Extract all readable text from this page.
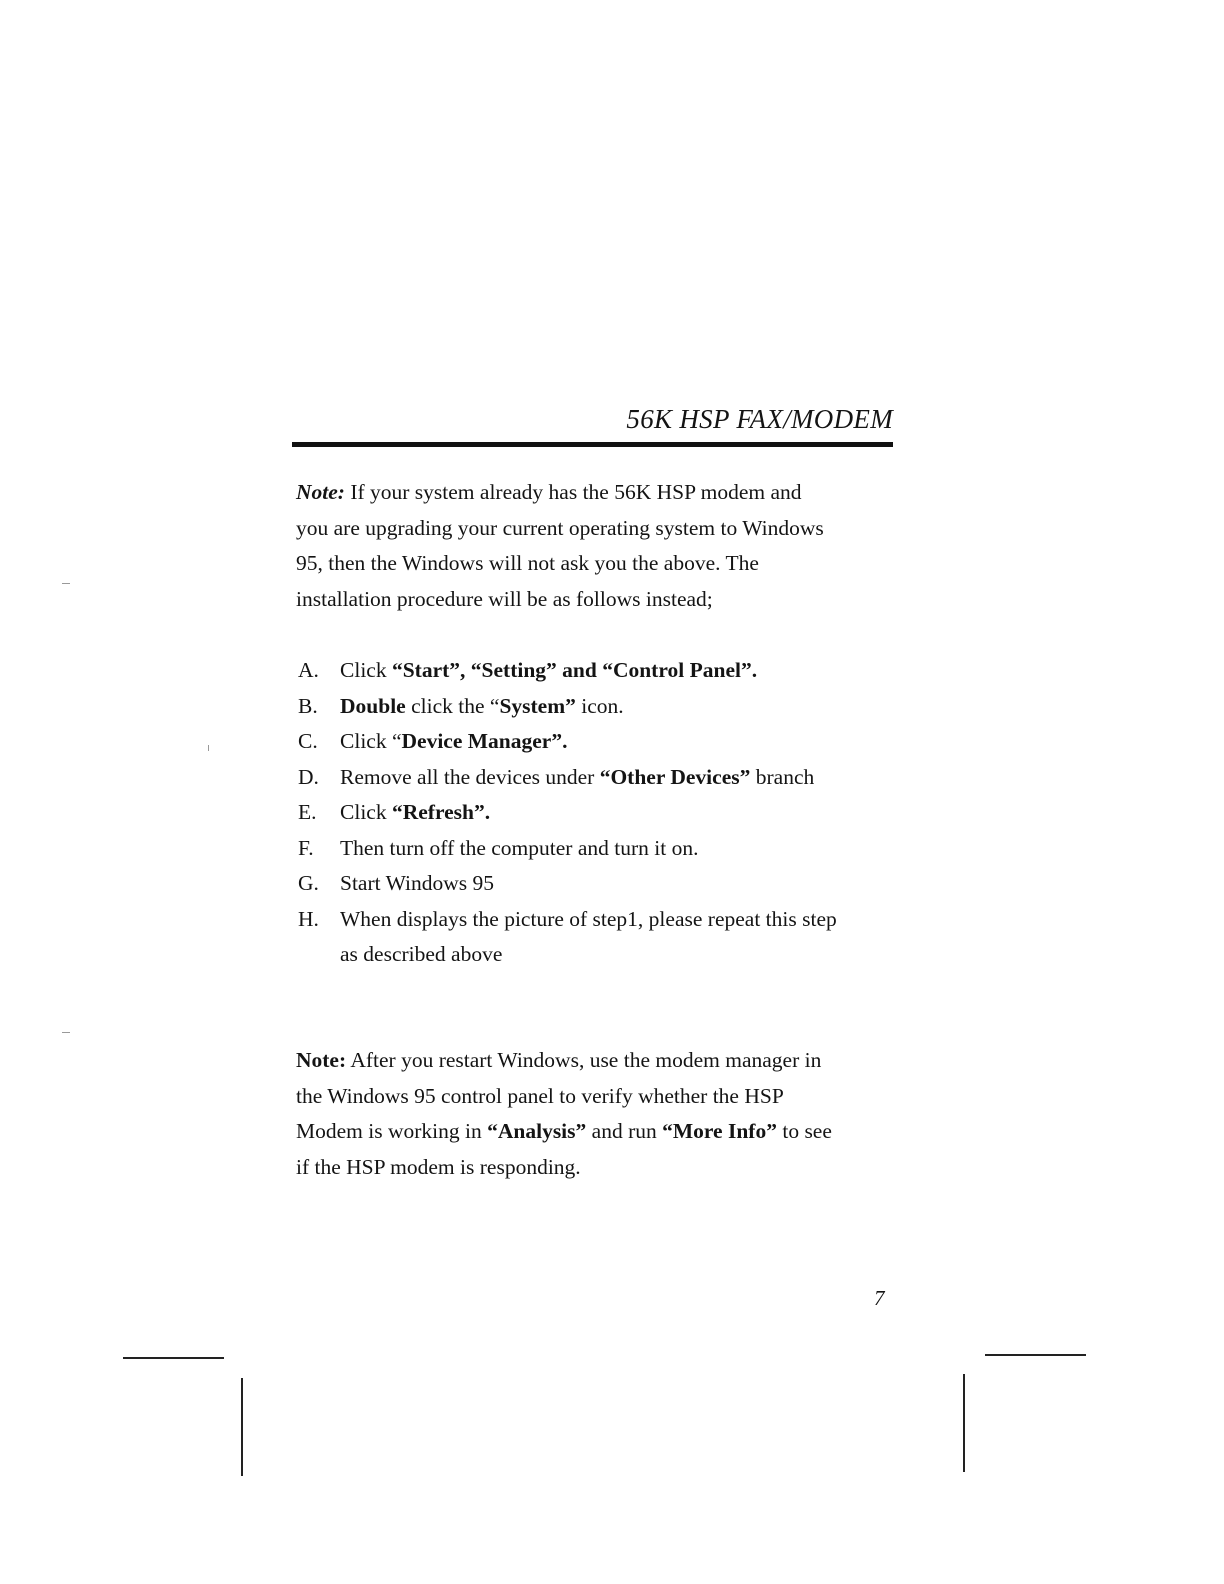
56K HSP FAX/MODEM

Note: If your system already has the 56K HSP modem and
you are upgrading your current operating system to Windows
95, then the Windows will not ask you the above. The
installation procedure will be as follows instead;

A. Click “Start”, “Setting” and “Control Panel”.
B. Double click the “System” icon.
C. Click “Device Manager”.
D. Remove all the devices under “Other Devices” branch
E. Click “Refresh”.
F. Then turn off the computer and turn it on.
G. Start Windows 95
H. When displays the picture of step1, please repeat this step
as described above

Note: After you restart Windows, use the modem manager in
the Windows 95 control panel to verify whether the HSP
Modem is working in “Analysis” and run “More Info” to see
if the HSP modem is responding.

7
